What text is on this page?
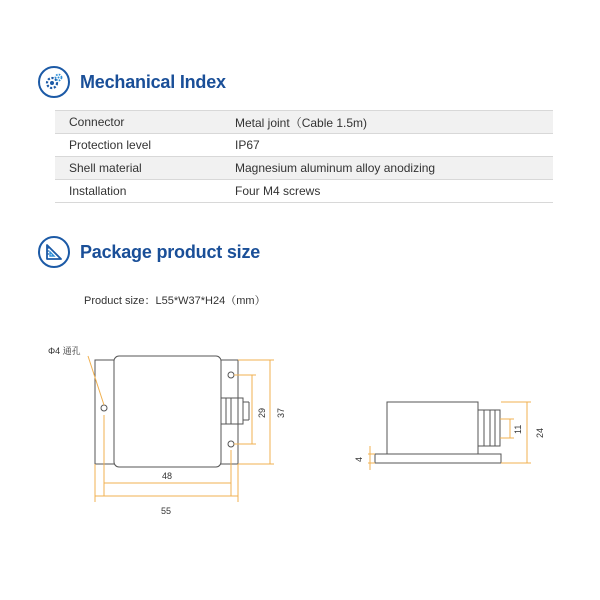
Mechanical Index
Connector	Metal joint（Cable 1.5m)
Protection level	IP67
Shell material	Magnesium aluminum alloy anodizing
Installation	Four M4 screws
Package product size
Product size：L55*W37*H24（mm）
Φ4 通孔
48
55
29 37
4
11 24
